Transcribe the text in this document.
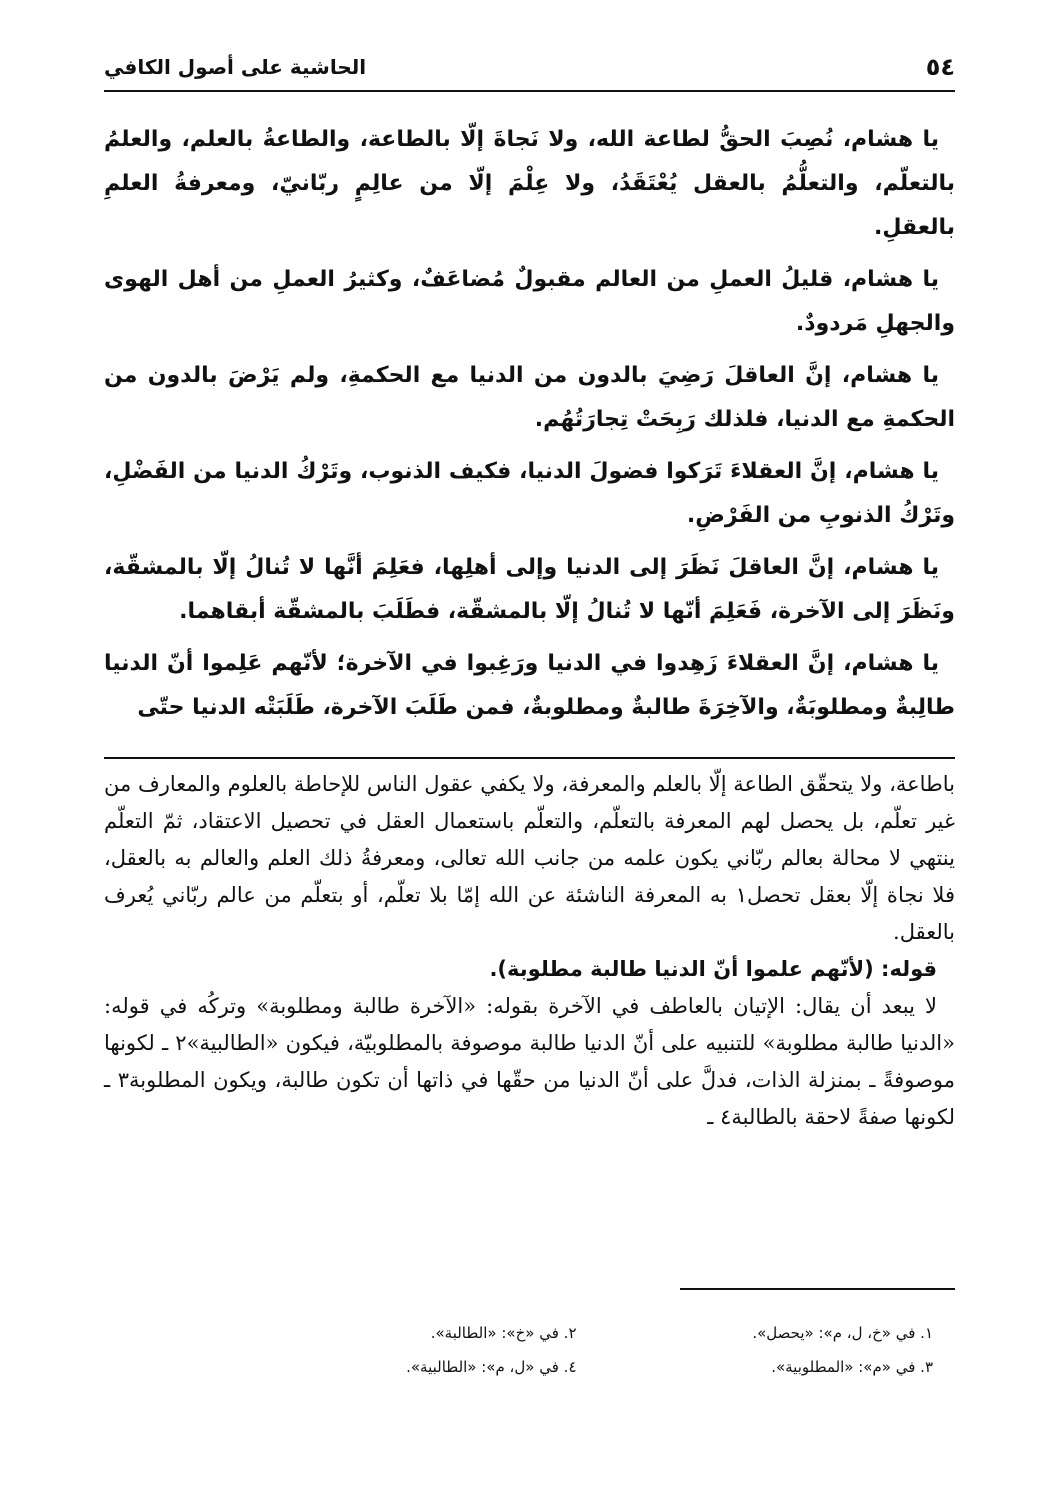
٥٤
الحاشية على أصول الكافي

يا هشام، نُصِبَ الحقُّ لطاعة الله، ولا نَجاةَ إلّا بالطاعة، والطاعةُ بالعلم، والعلمُ بالتعلّم، والتعلُّمُ بالعقل يُعْتَقَدُ، ولا عِلْمَ إلّا من عالِمٍ ربّانيّ، ومعرفةُ العلمِ بالعقلِ.

يا هشام، قليلُ العملِ من العالم مقبولٌ مُضاعَفٌ، وكثيرُ العملِ من أهل الهوى والجهلِ مَردودٌ.

يا هشام، إنَّ العاقلَ رَضِيَ بالدون من الدنيا مع الحكمةِ، ولم يَرْضَ بالدون من الحكمةِ مع الدنيا، فلذلك رَبِحَتْ تِجارَتُهُم.

يا هشام، إنَّ العقلاءَ تَرَكوا فضولَ الدنيا، فكيف الذنوب، وتَرْكُ الدنيا من الفَضْلِ، وتَرْكُ الذنوبِ من الفَرْضِ.

يا هشام، إنَّ العاقلَ نَظَرَ إلى الدنيا وإلى أهلِها، فعَلِمَ أنَّها لا تُنالُ إلّا بالمشقّة، ونَظَرَ إلى الآخرة، فَعَلِمَ أنّها لا تُنالُ إلّا بالمشقّة، فطَلَبَ بالمشقّة أبقاهما.

يا هشام، إنَّ العقلاءَ زَهِدوا في الدنيا ورَغِبوا في الآخرة؛ لأنّهم عَلِموا أنّ الدنيا طالِبةٌ ومطلوبَةٌ، والآخِرَةَ طالبةٌ ومطلوبةٌ، فمن طَلَبَ الآخرة، طَلَبَتْه الدنيا حتّى

باطاعة، ولا يتحقّق الطاعة إلّا بالعلم والمعرفة، ولا يكفي عقول الناس للإحاطة بالعلوم والمعارف من غير تعلّم، بل يحصل لهم المعرفة بالتعلّم، والتعلّم باستعمال العقل في تحصيل الاعتقاد، ثمّ التعلّم ينتهي لا محالة بعالم ربّاني يكون علمه من جانب الله تعالى، ومعرفةُ ذلك العلم والعالم به بالعقل، فلا نجاة إلّا بعقل تحصل١ به المعرفة الناشئة عن الله إمّا بلا تعلّم، أو بتعلّم من عالم ربّاني يُعرف بالعقل.

قوله: (لأنّهم علموا أنّ الدنيا طالبة مطلوبة).

لا يبعد أن يقال: الإتيان بالعاطف في الآخرة بقوله: «الآخرة طالبة ومطلوبة» وتركُه في قوله: «الدنيا طالبة مطلوبة» للتنبيه على أنّ الدنيا طالبة موصوفة بالمطلوبيّة، فيكون «الطالبية»٢ ـ لكونها موصوفةً ـ بمنزلة الذات، فدلَّ على أنّ الدنيا من حقّها في ذاتها أن تكون طالبة، ويكون المطلوبة٣ ـ لكونها صفةً لاحقة بالطالبة٤ ـ

١. في «خ، ل، م»: «يحصل».
٢. في «خ»: «الطالبة».
٣. في «م»: «المطلوبية».
٤. في «ل، م»: «الطالبية».
